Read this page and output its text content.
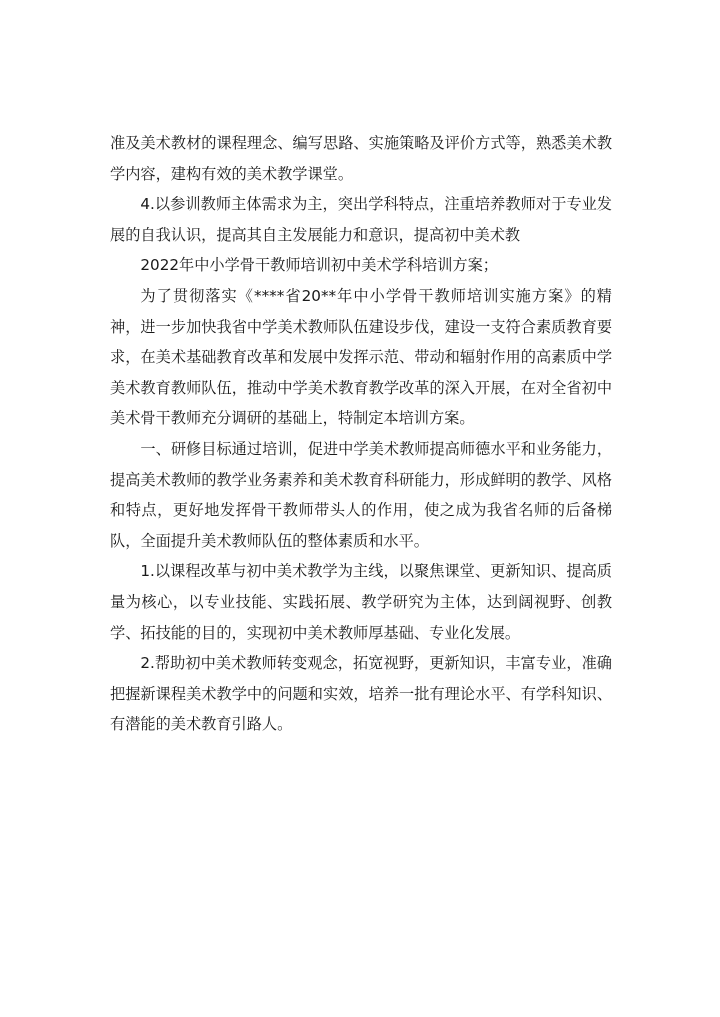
准及美术教材的课程理念、编写思路、实施策略及评价方式等，熟悉美术教学内容，建构有效的美术教学课堂。

4.以参训教师主体需求为主，突出学科特点，注重培养教师对于专业发展的自我认识，提高其自主发展能力和意识，提高初中美术教

2022年中小学骨干教师培训初中美术学科培训方案；

为了贯彻落实《****省20**年中小学骨干教师培训实施方案》的精神，进一步加快我省中学美术教师队伍建设步伐，建设一支符合素质教育要求，在美术基础教育改革和发展中发挥示范、带动和辐射作用的高素质中学美术教育教师队伍，推动中学美术教育教学改革的深入开展，在对全省初中美术骨干教师充分调研的基础上，特制定本培训方案。

一、研修目标通过培训，促进中学美术教师提高师德水平和业务能力，提高美术教师的教学业务素养和美术教育科研能力，形成鲜明的教学、风格和特点，更好地发挥骨干教师带头人的作用，使之成为我省名师的后备梯队，全面提升美术教师队伍的整体素质和水平。

1.以课程改革与初中美术教学为主线，以聚焦课堂、更新知识、提高质量为核心，以专业技能、实践拓展、教学研究为主体，达到阔视野、创教学、拓技能的目的，实现初中美术教师厚基础、专业化发展。

2.帮助初中美术教师转变观念，拓宽视野，更新知识，丰富专业，准确把握新课程美术教学中的问题和实效，培养一批有理论水平、有学科知识、有潜能的美术教育引路人。
